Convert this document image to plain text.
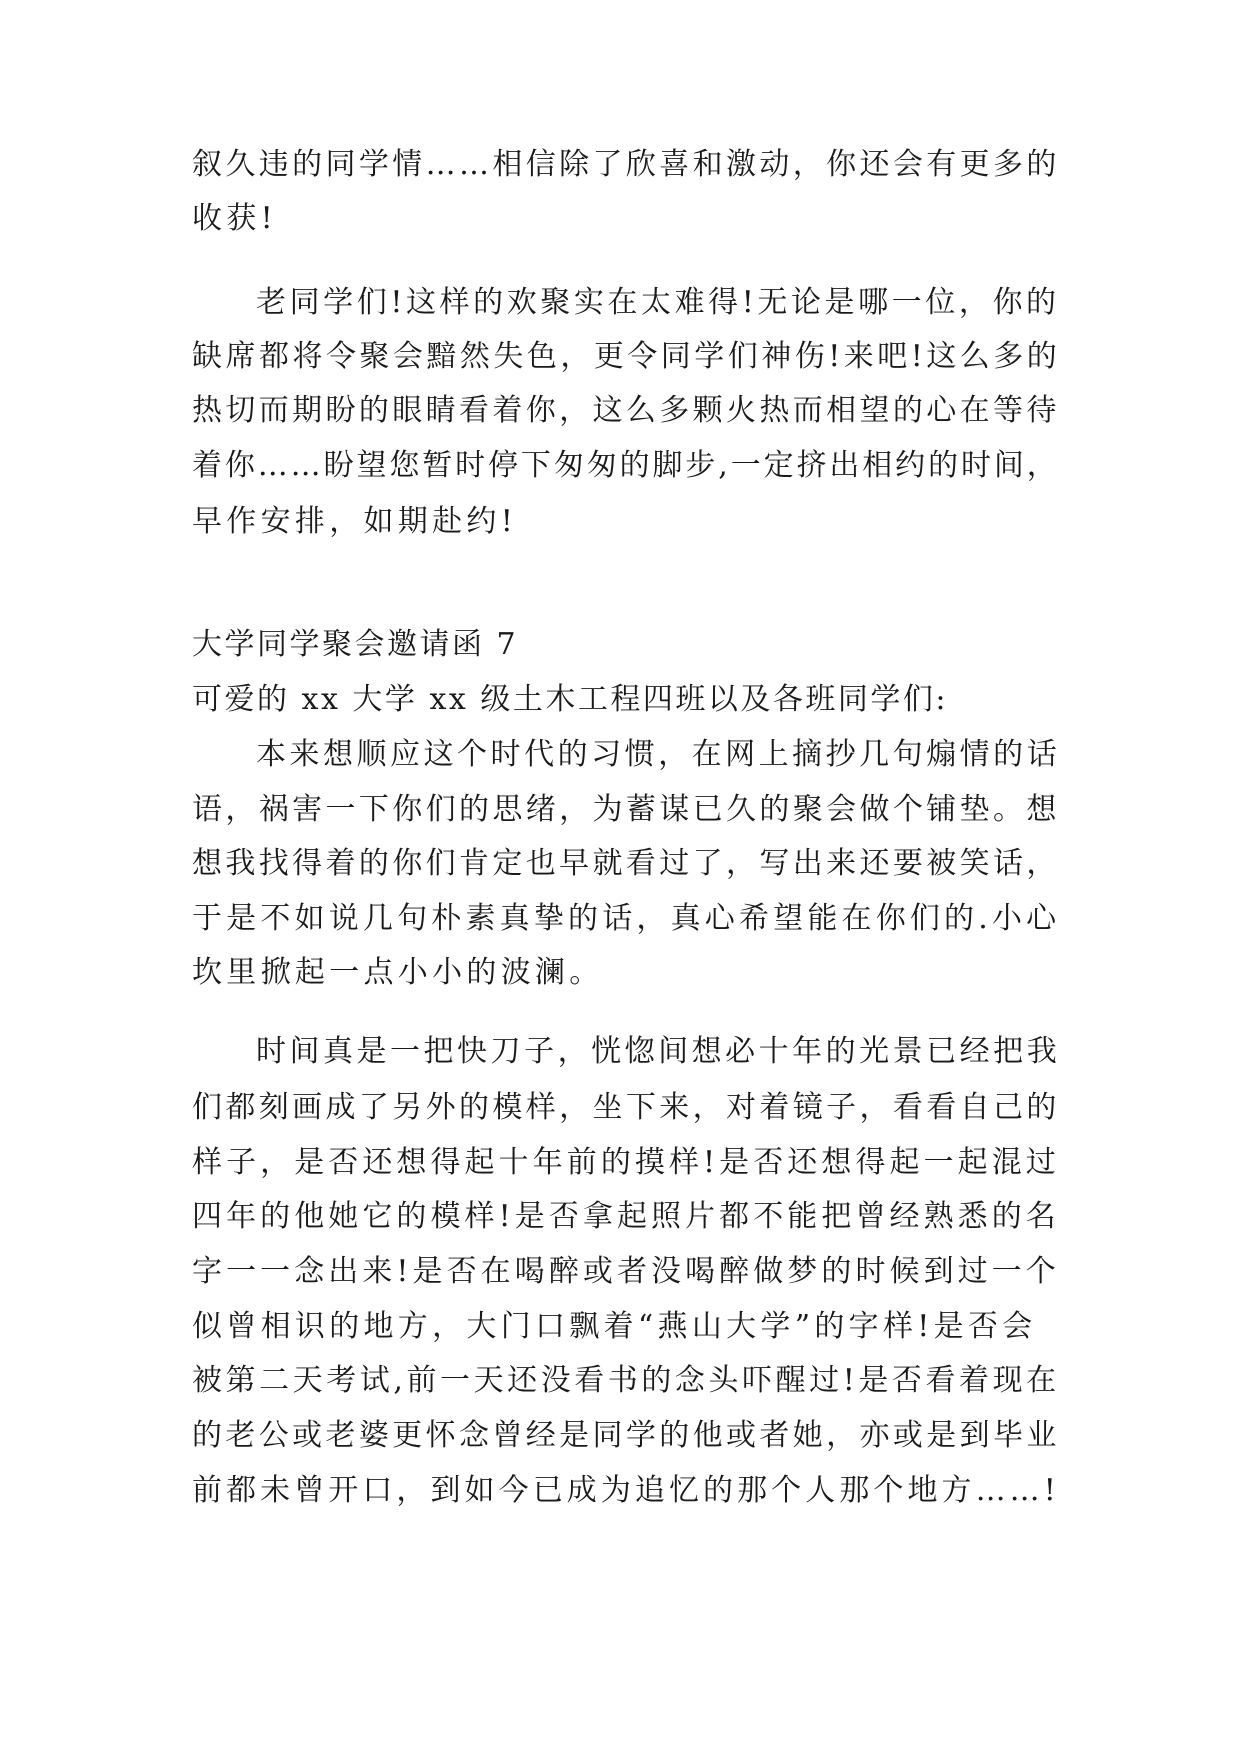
叙久违的同学情……相信除了欣喜和激动，你还会有更多的
收获!
老同学们!这样的欢聚实在太难得!无论是哪一位，你的
缺席都将令聚会黯然失色，更令同学们神伤!来吧!这么多的
热切而期盼的眼睛看着你，这么多颗火热而相望的心在等待
着你……盼望您暂时停下匆匆的脚步,一定挤出相约的时间，
早作安排，如期赴约!
大学同学聚会邀请函 7
可爱的 xx 大学 xx 级土木工程四班以及各班同学们:
本来想顺应这个时代的习惯，在网上摘抄几句煽情的话
语，祸害一下你们的思绪，为蓄谋已久的聚会做个铺垫。想
想我找得着的你们肯定也早就看过了，写出来还要被笑话，
于是不如说几句朴素真挚的话，真心希望能在你们的.小心
坎里掀起一点小小的波澜。
时间真是一把快刀子，恍惚间想必十年的光景已经把我
们都刻画成了另外的模样，坐下来，对着镜子，看看自己的
样子，是否还想得起十年前的摸样!是否还想得起一起混过
四年的他她它的模样!是否拿起照片都不能把曾经熟悉的名
字一一念出来!是否在喝醉或者没喝醉做梦的时候到过一个
似曾相识的地方，大门口飘着“燕山大学”的字样!是否会
被第二天考试,前一天还没看书的念头吓醒过!是否看着现在
的老公或老婆更怀念曾经是同学的他或者她，亦或是到毕业
前都未曾开口，到如今已成为追忆的那个人那个地方……!
